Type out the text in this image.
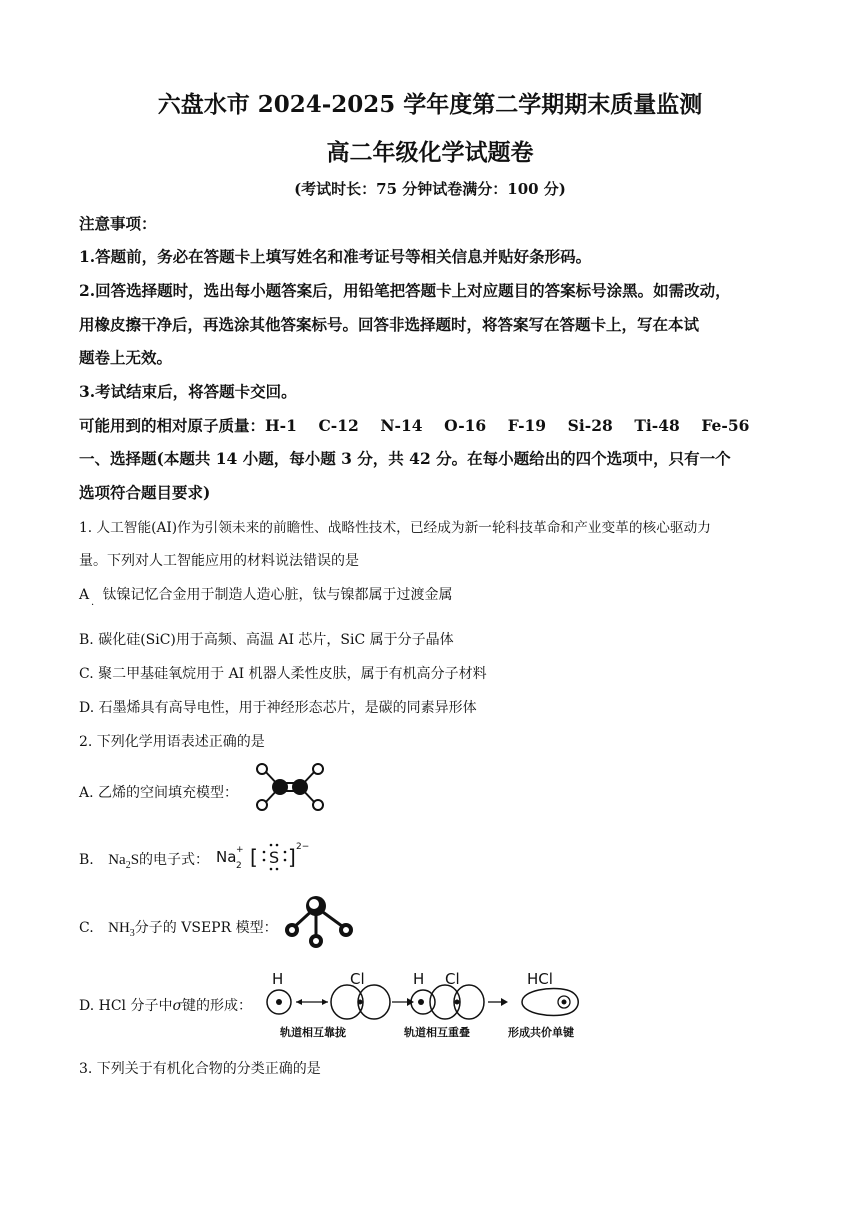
六盘水市 2024-2025 学年度第二学期期末质量监测
高二年级化学试题卷
(考试时长：75 分钟试卷满分：100 分)
注意事项：
1.答题前，务必在答题卡上填写姓名和准考证号等相关信息并贴好条形码。
2.回答选择题时，选出每小题答案后，用铅笔把答题卡上对应题目的答案标号涂黑。如需改动，
用橡皮擦干净后，再选涂其他答案标号。回答非选择题时，将答案写在答题卡上，写在本试
题卷上无效。
3.考试结束后，将答题卡交回。
可能用到的相对原子质量：H-1    C-12    N-14    O-16    F-19    Si-28    Ti-48    Fe-56
一、选择题(本题共 14 小题，每小题 3 分，共 42 分。在每小题给出的四个选项中，只有一个
选项符合题目要求)
1. 人工智能(AI)作为引领未来的前瞻性、战略性技术，已经成为新一轮科技革命和产业变革的核心驱动力
量。下列对人工智能应用的材料说法错误的是
A   钛镍记忆合金用于制造人造心脏，钛与镍都属于过渡金属
·
B. 碳化硅(SiC)用于高频、高温 AI 芯片，SiC 属于分子晶体
C. 聚二甲基硅氧烷用于 AI 机器人柔性皮肤，属于有机高分子材料
D. 石墨烯具有高导电性，用于神经形态芯片，是碳的同素异形体
2. 下列化学用语表述正确的是
A. 乙烯的空间填充模型：
B. $Na_2S$的电子式： Na +
2 [ S ] 2−
C. $NH_3$分子的 VSEPR 模型：
D. HCl 分子中σ键的形成：
H	Cl	H Cl	HCl
轨道相互靠拢	轨道相互重叠	形成共价单键
3. 下列关于有机化合物的分类正确的是
